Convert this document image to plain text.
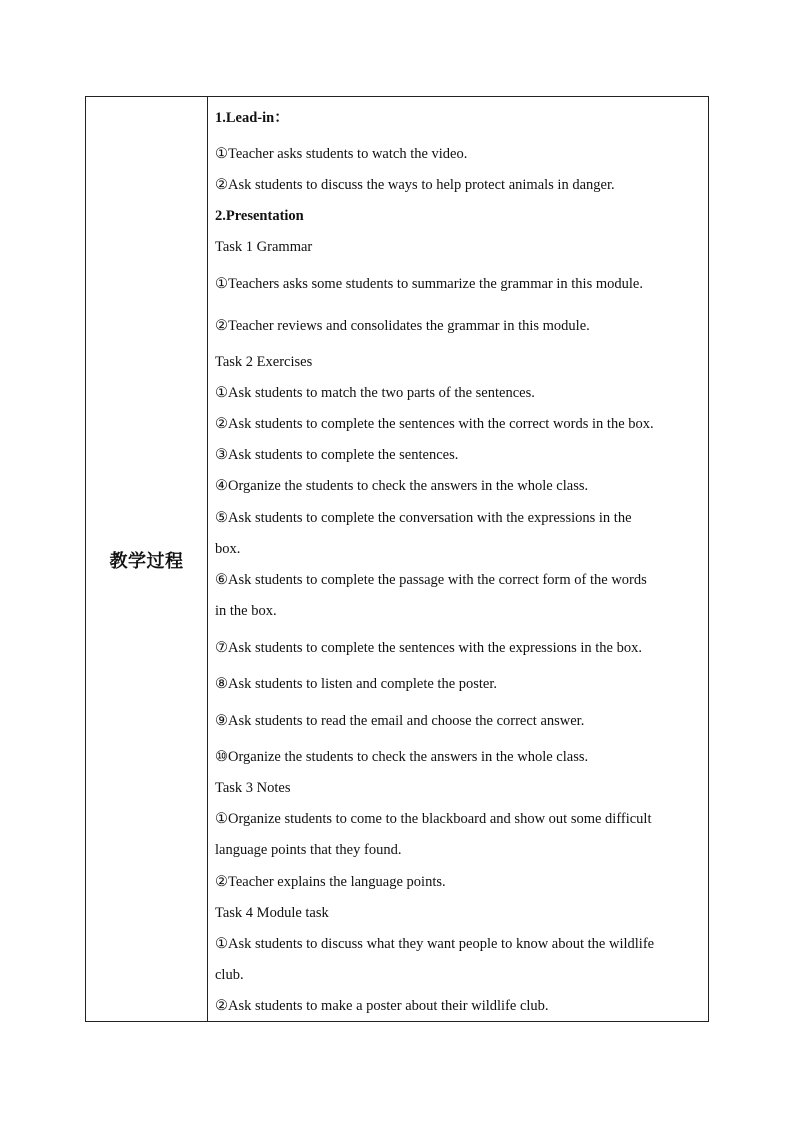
教学过程
1.Lead-in：
①Teacher asks students to watch the video.
②Ask students to discuss the ways to help protect animals in danger.
2.Presentation
Task 1 Grammar
①Teachers asks some students to summarize the grammar in this module.
②Teacher reviews and consolidates the grammar in this module.
Task 2 Exercises
①Ask students to match the two parts of the sentences.
②Ask students to complete the sentences with the correct words in the box.
③Ask students to complete the sentences.
④Organize the students to check the answers in the whole class.
⑤Ask students to complete the conversation with the expressions in the
box.
⑥Ask students to complete the passage with the correct form of the words
in the box.
⑦Ask students to complete the sentences with the expressions in the box.
⑧Ask students to listen and complete the poster.
⑨Ask students to read the email and choose the correct answer.
⑩Organize the students to check the answers in the whole class.
Task 3 Notes
①Organize students to come to the blackboard and show out some difficult
language points that they found.
②Teacher explains the language points.
Task 4 Module task
①Ask students to discuss what they want people to know about the wildlife
club.
②Ask students to make a poster about their wildlife club.
